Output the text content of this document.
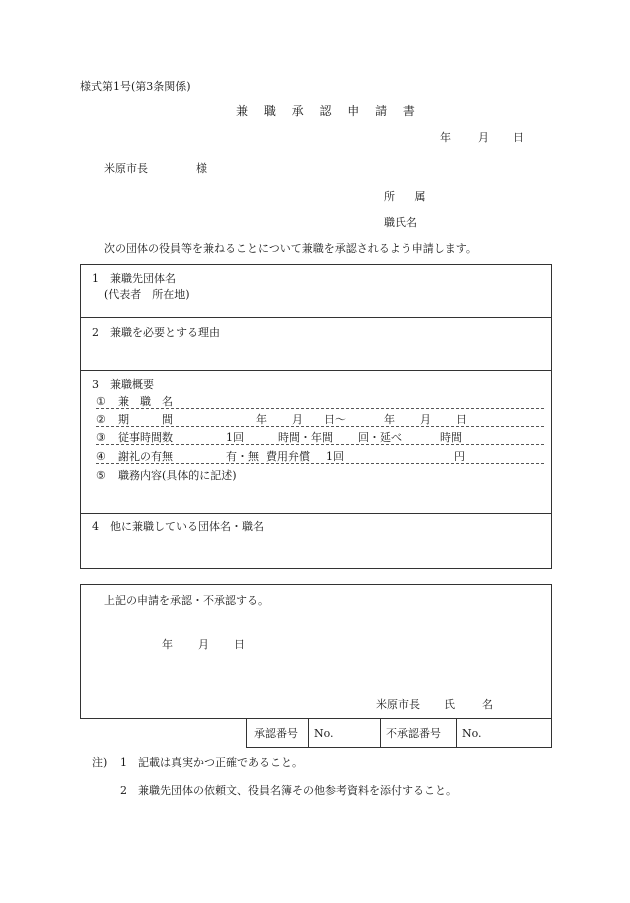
様式第1号(第3条関係)
兼 職 承 認 申 請 書
年 月 日
米原市長	様
所 属
職氏名
次の団体の役員等を兼ねることについて兼職を承認されるよう申請します。
1　兼職先団体名
(代表者　所在地)
2　兼職を必要とする理由
3　兼職概要
① 兼　職　名
② 期　　　間	年 月 日〜	年 月 日
③ 従事時間数	1回	時間・年間 回・延べ	時間
④ 謝礼の有無	有・無 費用弁償 1回	円
⑤ 職務内容(具体的に記述)
4　他に兼職している団体名・職名
上記の申請を承認・不承認する。
年 月 日
米原市長 氏 名
承認番号 No.	不承認番号 No.
注) 1 記載は真実かつ正確であること。
2 兼職先団体の依頼文、役員名簿その他参考資料を添付すること。
